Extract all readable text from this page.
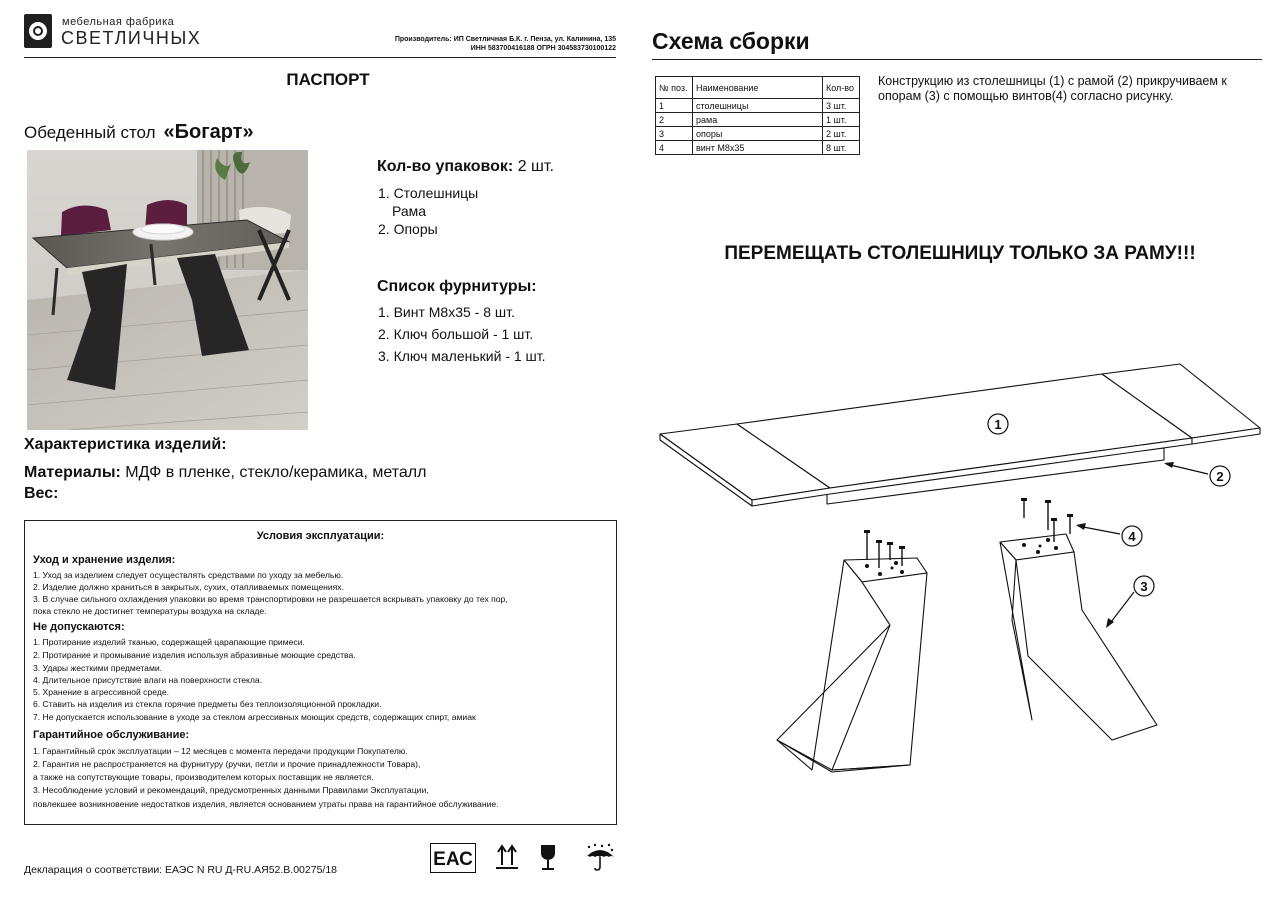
мебельная фабрика
СВЕТЛИЧНЫХ	Производитель: ИП Светличная Б.К. г. Пенза, ул. Калинина, 135
ИНН 583700416188 ОГРН 304583730100122
ПАСПОРТ
Обеденный стол «Богарт»
Кол-во упаковок: 2 шт.
1. Столешницы
Рама
2. Опоры
Список фурнитуры:
1. Винт М8х35 - 8 шт.
2. Ключ большой - 1 шт.
3. Ключ маленький - 1 шт.
Характеристика изделий:
Материалы: МДФ в пленке, стекло/керамика, металл
Вес:
Условия эксплуатации:
Уход и хранение изделия:
1. Уход за изделием следует осуществлять средствами по уходу за мебелью.
2. Изделие должно храниться в закрытых, сухих, отапливаемых помещениях.
3. В случае сильного охлаждения упаковки во время транспортировки не разрешается вскрывать упаковку до тех пор,
пока стекло не достигнет температуры воздуха на складе.
Не допускаются:
1. Протирание изделий тканью, содержащей царапающие примеси.
2. Протирание и промывание изделия используя абразивные моющие средства.
3. Удары жесткими предметами.
4. Длительное присутствие влаги на поверхности стекла.
5. Хранение в агрессивной среде.
6. Ставить на изделия из стекла горячие предметы без теплоизоляционной прокладки.
7. Не допускается использование в уходе за стеклом агрессивных моющих средств, содержащих спирт, амиак
Гарантийное обслуживание:
1. Гарантийный срок эксплуатации – 12 месяцев с момента передачи продукции Покупателю.
2. Гарантия не распространяется на фурнитуру (ручки, петли и прочие принадлежности Товара),
а также на сопутствующие товары, производителем которых поставщик не является.
3. Несоблюдение условий и рекомендаций, предусмотренных данными Правилами Эксплуатации,
повлекшее возникновение недостатков изделия, является основанием утраты права на гарантийное обслуживание.
Декларация о соответствии: ЕАЭС N RU Д-RU.АЯ52.В.00275/18	ЕАС
Схема сборки
№ поз.	Наименование	Кол-во
1	столешницы	3 шт.
2	рама	1 шт.
3	опоры	2 шт.
4	винт М8х35	8 шт.
Конструкцию из столешницы (1) с рамой (2) прикручиваем к опорам (3) с помощью винтов(4) согласно рисунку.
ПЕРЕМЕЩАТЬ СТОЛЕШНИЦУ ТОЛЬКО ЗА РАМУ!!!
1
2
4
3
